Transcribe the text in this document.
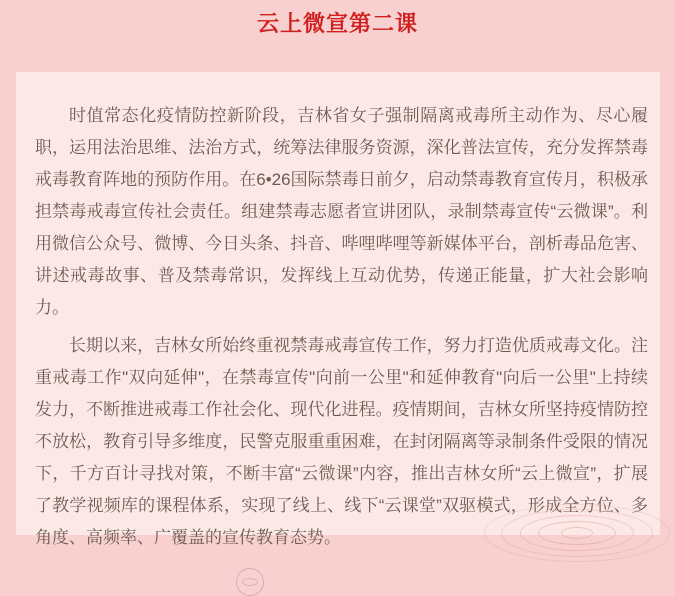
云上微宣第二课

时值常态化疫情防控新阶段，吉林省女子强制隔离戒毒所主动作为、尽心履职，运用法治思维、法治方式，统筹法律服务资源，深化普法宣传，充分发挥禁毒戒毒教育阵地的预防作用。在6•26国际禁毒日前夕，启动禁毒教育宣传月，积极承担禁毒戒毒宣传社会责任。组建禁毒志愿者宣讲团队，录制禁毒宣传“云微课”。利用微信公众号、微博、今日头条、抖音、哔哩哔哩等新媒体平台，剖析毒品危害、讲述戒毒故事、普及禁毒常识，发挥线上互动优势，传递正能量，扩大社会影响力。

长期以来，吉林女所始终重视禁毒戒毒宣传工作，努力打造优质戒毒文化。注重戒毒工作"双向延伸"，在禁毒宣传"向前一公里"和延伸教育"向后一公里"上持续发力，不断推进戒毒工作社会化、现代化进程。疫情期间，吉林女所坚持疫情防控不放松，教育引导多维度，民警克服重重困难，在封闭隔离等录制条件受限的情况下，千方百计寻找对策，不断丰富“云微课”内容，推出吉林女所“云上微宣”，扩展了教学视频库的课程体系，实现了线上、线下“云课堂”双驱模式，形成全方位、多角度、高频率、广覆盖的宣传教育态势。
